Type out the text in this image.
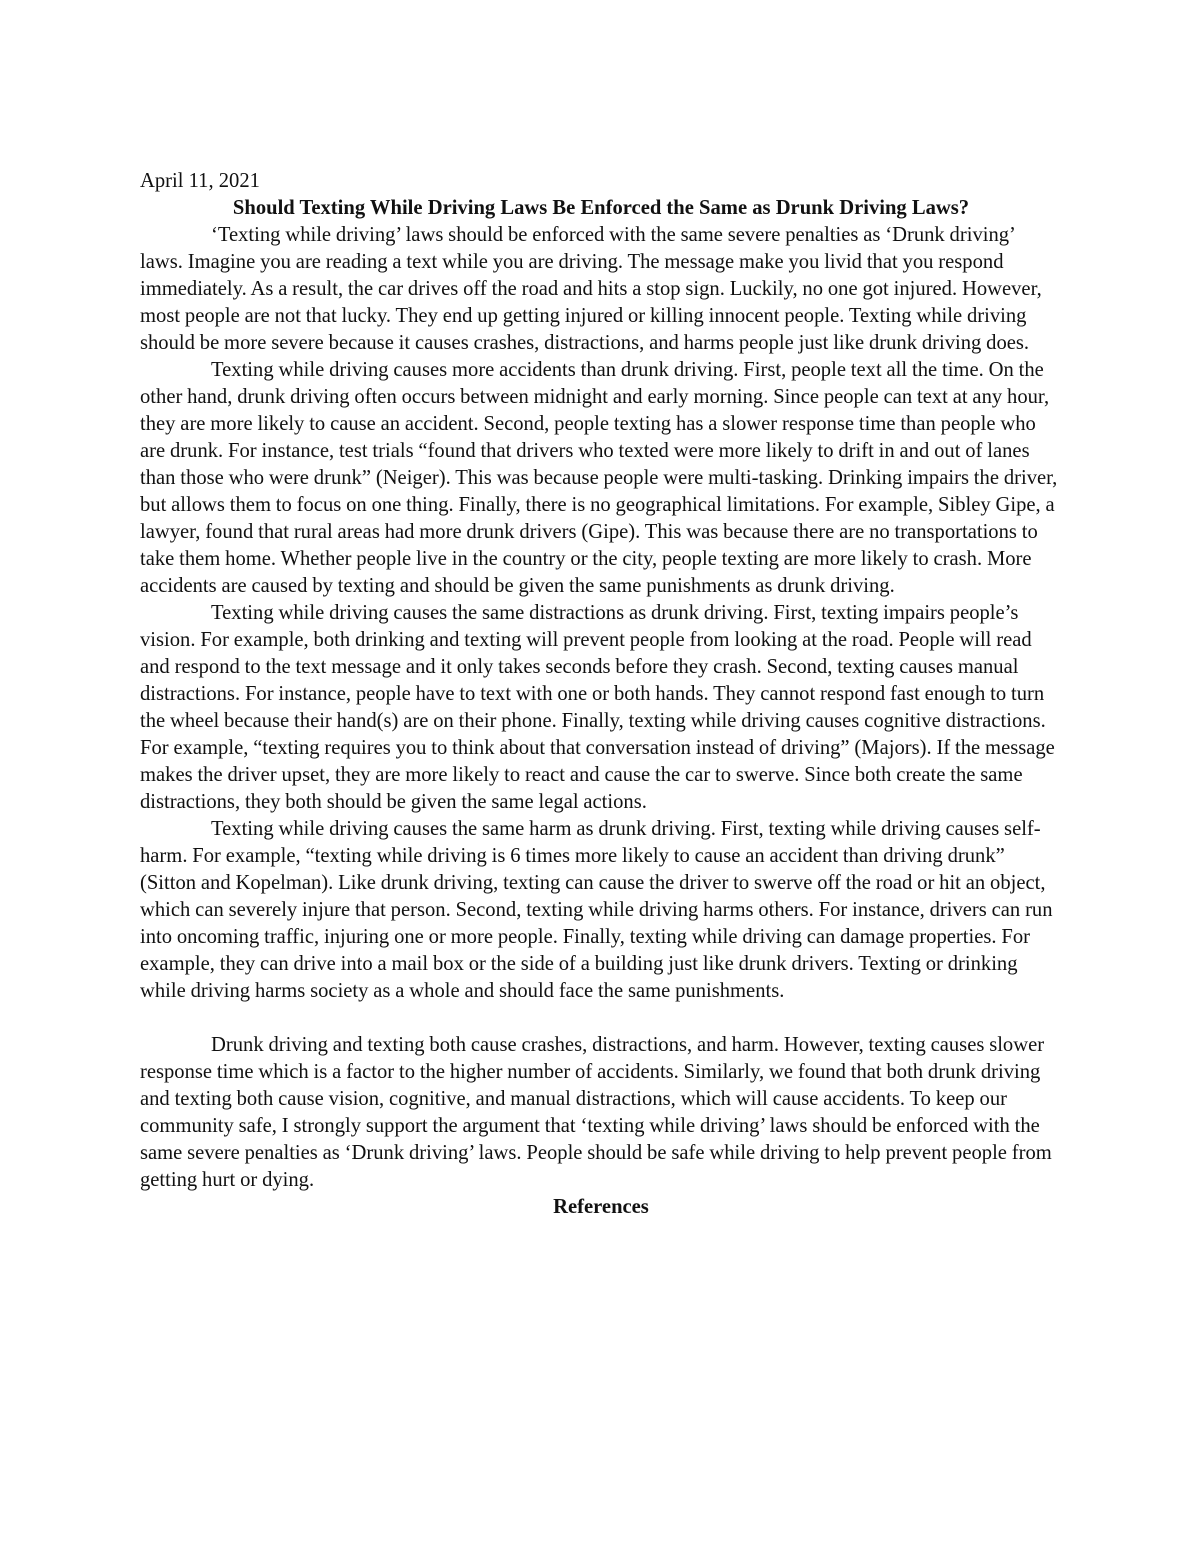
April 11, 2021

Should Texting While Driving Laws Be Enforced the Same as Drunk Driving Laws?

‘Texting while driving’ laws should be enforced with the same severe penalties as ‘Drunk driving’ laws. Imagine you are reading a text while you are driving. The message make you livid that you respond immediately. As a result, the car drives off the road and hits a stop sign. Luckily, no one got injured. However, most people are not that lucky. They end up getting injured or killing innocent people. Texting while driving should be more severe because it causes crashes, distractions, and harms people just like drunk driving does.

Texting while driving causes more accidents than drunk driving. First, people text all the time. On the other hand, drunk driving often occurs between midnight and early morning. Since people can text at any hour, they are more likely to cause an accident. Second, people texting has a slower response time than people who are drunk. For instance, test trials “found that drivers who texted were more likely to drift in and out of lanes than those who were drunk” (Neiger). This was because people were multi-tasking. Drinking impairs the driver, but allows them to focus on one thing. Finally, there is no geographical limitations. For example, Sibley Gipe, a lawyer, found that rural areas had more drunk drivers (Gipe). This was because there are no transportations to take them home. Whether people live in the country or the city, people texting are more likely to crash. More accidents are caused by texting and should be given the same punishments as drunk driving.

Texting while driving causes the same distractions as drunk driving. First, texting impairs people’s vision. For example, both drinking and texting will prevent people from looking at the road. People will read and respond to the text message and it only takes seconds before they crash. Second, texting causes manual distractions. For instance, people have to text with one or both hands. They cannot respond fast enough to turn the wheel because their hand(s) are on their phone. Finally, texting while driving causes cognitive distractions. For example, “texting requires you to think about that conversation instead of driving” (Majors). If the message makes the driver upset, they are more likely to react and cause the car to swerve. Since both create the same distractions, they both should be given the same legal actions.

Texting while driving causes the same harm as drunk driving. First, texting while driving causes self-harm. For example, “texting while driving is 6 times more likely to cause an accident than driving drunk” (Sitton and Kopelman). Like drunk driving, texting can cause the driver to swerve off the road or hit an object, which can severely injure that person. Second, texting while driving harms others. For instance, drivers can run into oncoming traffic, injuring one or more people. Finally, texting while driving can damage properties. For example, they can drive into a mail box or the side of a building just like drunk drivers. Texting or drinking while driving harms society as a whole and should face the same punishments.

Drunk driving and texting both cause crashes, distractions, and harm. However, texting causes slower response time which is a factor to the higher number of accidents. Similarly, we found that both drunk driving and texting both cause vision, cognitive, and manual distractions, which will cause accidents. To keep our community safe, I strongly support the argument that ‘texting while driving’ laws should be enforced with the same severe penalties as ‘Drunk driving’ laws. People should be safe while driving to help prevent people from getting hurt or dying.

References
